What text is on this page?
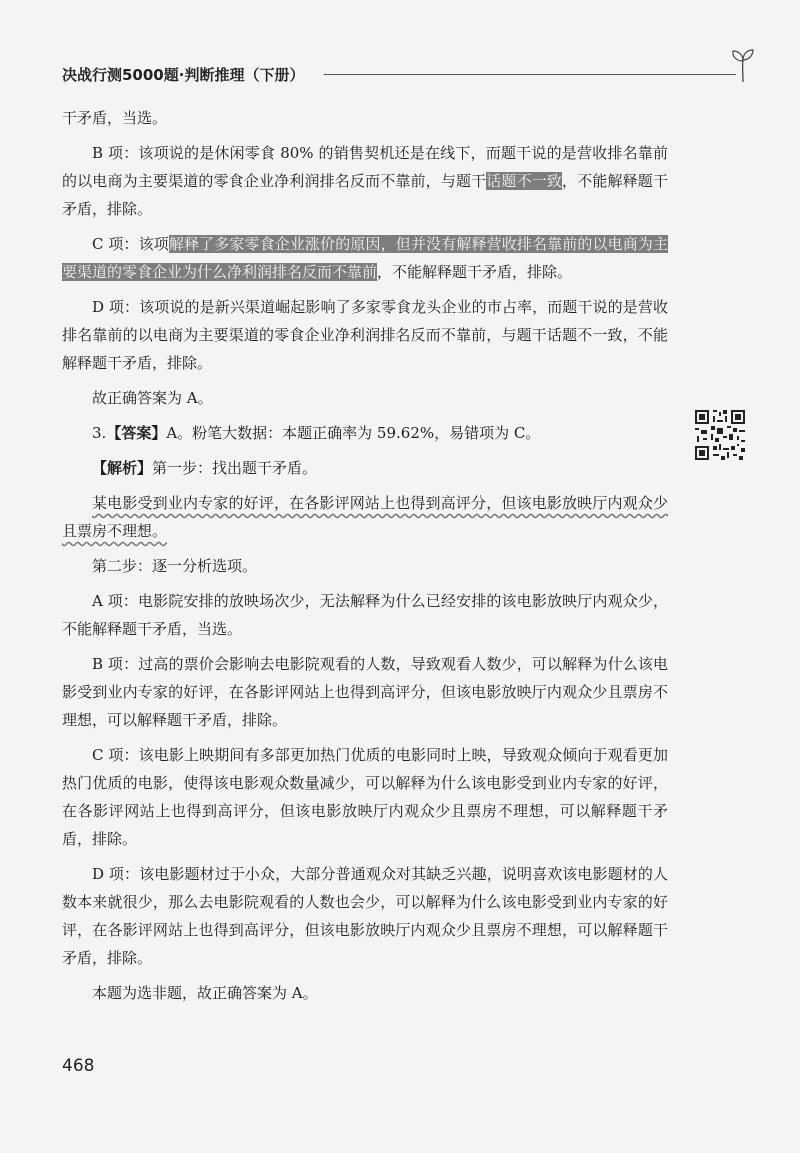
决战行测5000题·判断推理（下册）

干矛盾，当选。

B 项：该项说的是休闲零食 80% 的销售契机还是在线下，而题干说的是营收排名靠前的以电商为主要渠道的零食企业净利润排名反而不靠前，与题干话题不一致，不能解释题干矛盾，排除。

C 项：该项解释了多家零食企业涨价的原因，但并没有解释营收排名靠前的以电商为主要渠道的零食企业为什么净利润排名反而不靠前，不能解释题干矛盾，排除。

D 项：该项说的是新兴渠道崛起影响了多家零食龙头企业的市占率，而题干说的是营收排名靠前的以电商为主要渠道的零食企业净利润排名反而不靠前，与题干话题不一致，不能解释题干矛盾，排除。

故正确答案为 A。

3.【答案】A。粉笔大数据：本题正确率为 59.62%，易错项为 C。

【解析】第一步：找出题干矛盾。

某电影受到业内专家的好评，在各影评网站上也得到高评分，但该电影放映厅内观众少且票房不理想。

第二步：逐一分析选项。

A 项：电影院安排的放映场次少，无法解释为什么已经安排的该电影放映厅内观众少，不能解释题干矛盾，当选。

B 项：过高的票价会影响去电影院观看的人数，导致观看人数少，可以解释为什么该电影受到业内专家的好评，在各影评网站上也得到高评分，但该电影放映厅内观众少且票房不理想，可以解释题干矛盾，排除。

C 项：该电影上映期间有多部更加热门优质的电影同时上映，导致观众倾向于观看更加热门优质的电影，使得该电影观众数量减少，可以解释为什么该电影受到业内专家的好评，在各影评网站上也得到高评分，但该电影放映厅内观众少且票房不理想，可以解释题干矛盾，排除。

D 项：该电影题材过于小众，大部分普通观众对其缺乏兴趣，说明喜欢该电影题材的人数本来就很少，那么去电影院观看的人数也会少，可以解释为什么该电影受到业内专家的好评，在各影评网站上也得到高评分，但该电影放映厅内观众少且票房不理想，可以解释题干矛盾，排除。

本题为选非题，故正确答案为 A。

468
